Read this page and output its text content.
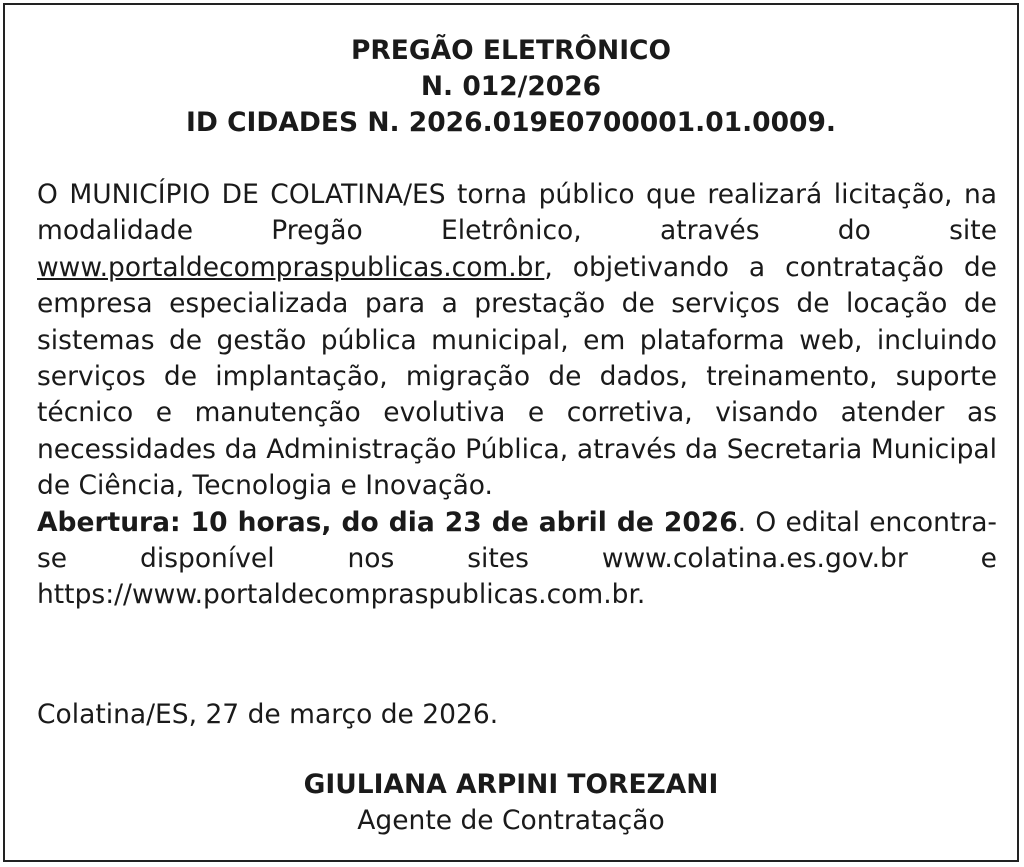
PREGÃO ELETRÔNICO
N. 012/2026
ID CIDADES N. 2026.019E0700001.01.0009.

O MUNICÍPIO DE COLATINA/ES torna público que realizará licitação, na modalidade Pregão Eletrônico, através do site www.portaldecompraspublicas.com.br, objetivando a contratação de empresa especializada para a prestação de serviços de locação de sistemas de gestão pública municipal, em plataforma web, incluindo serviços de implantação, migração de dados, treinamento, suporte técnico e manutenção evolutiva e corretiva, visando atender as necessidades da Administração Pública, através da Secretaria Municipal de Ciência, Tecnologia e Inovação.

Abertura: 10 horas, do dia 23 de abril de 2026. O edital encontra-se disponível nos sites www.colatina.es.gov.br e https://www.portaldecompraspublicas.com.br.

Colatina/ES, 27 de março de 2026.
GIULIANA ARPINI TOREZANI
Agente de Contratação
